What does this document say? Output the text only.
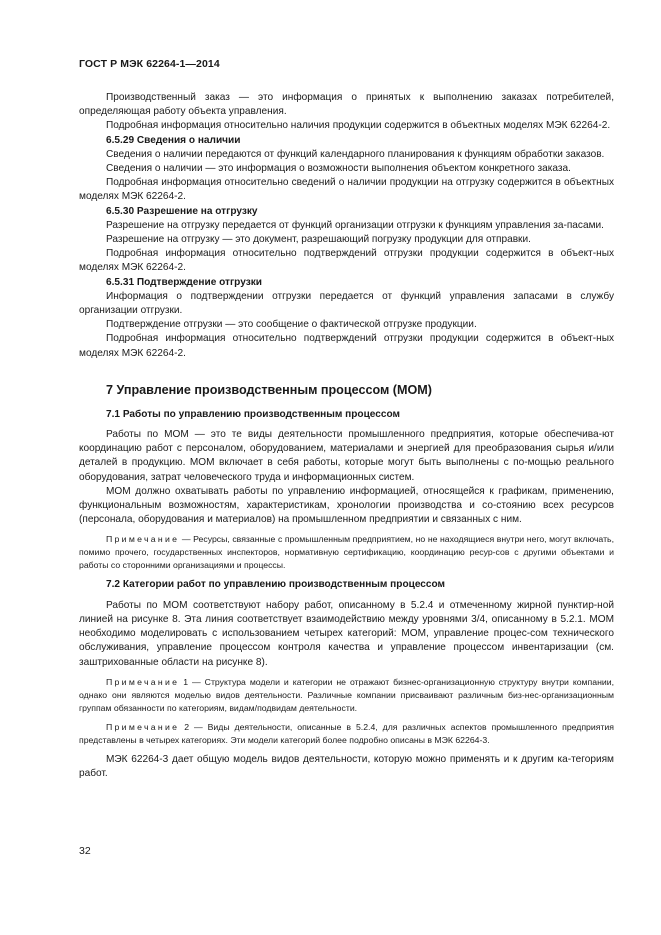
ГОСТ Р МЭК 62264-1—2014

Производственный заказ — это информация о принятых к выполнению заказах потребителей, определяющая работу объекта управления.

Подробная информация относительно наличия продукции содержится в объектных моделях МЭК 62264-2.

6.5.29 Сведения о наличии

Сведения о наличии передаются от функций календарного планирования к функциям обработки заказов.

Сведения о наличии — это информация о возможности выполнения объектом конкретного заказа.

Подробная информация относительно сведений о наличии продукции на отгрузку содержится в объектных моделях МЭК 62264-2.

6.5.30 Разрешение на отгрузку

Разрешение на отгрузку передается от функций организации отгрузки к функциям управления за-пасами.

Разрешение на отгрузку — это документ, разрешающий погрузку продукции для отправки.

Подробная информация относительно подтверждений отгрузки продукции содержится в объект-ных моделях МЭК 62264-2.

6.5.31 Подтверждение отгрузки

Информация о подтверждении отгрузки передается от функций управления запасами в службу организации отгрузки.

Подтверждение отгрузки — это сообщение о фактической отгрузке продукции.

Подробная информация относительно подтверждений отгрузки продукции содержится в объект-ных моделях МЭК 62264-2.

7 Управление производственным процессом (МОМ)

7.1 Работы по управлению производственным процессом

Работы по МОМ — это те виды деятельности промышленного предприятия, которые обеспечива-ют координацию работ с персоналом, оборудованием, материалами и энергией для преобразования сырья и/или деталей в продукцию. МОМ включает в себя работы, которые могут быть выполнены с по-мощью реального оборудования, затрат человеческого труда и информационных систем.

МОМ должно охватывать работы по управлению информацией, относящейся к графикам, применению, функциональным возможностям, характеристикам, хронологии производства и со-стоянию всех ресурсов (персонала, оборудования и материалов) на промышленном предприятии и связанных с ним.

Примечание — Ресурсы, связанные с промышленным предприятием, но не находящиеся внутри него, могут включать, помимо прочего, государственных инспекторов, нормативную сертификацию, координацию ресур-сов с другими объектами и работы со сторонними организациями и процессы.

7.2 Категории работ по управлению производственным процессом

Работы по МОМ соответствуют набору работ, описанному в 5.2.4 и отмеченному жирной пунктир-ной линией на рисунке 8. Эта линия соответствует взаимодействию между уровнями 3/4, описанному в 5.2.1. МОМ необходимо моделировать с использованием четырех категорий: МОМ, управление процес-сом технического обслуживания, управление процессом контроля качества и управление процессом инвентаризации (см. заштрихованные области на рисунке 8).

Примечание 1 — Структура модели и категории не отражают бизнес-организационную структуру внутри компании, однако они являются моделью видов деятельности. Различные компании присваивают различным биз-нес-организационным группам обязанности по категориям, видам/подвидам деятельности.

Примечание 2 — Виды деятельности, описанные в 5.2.4, для различных аспектов промышленного предприятия представлены в четырех категориях. Эти модели категорий более подробно описаны в МЭК 62264-3.

МЭК 62264-3 дает общую модель видов деятельности, которую можно применять и к другим ка-тегориям работ.

32
